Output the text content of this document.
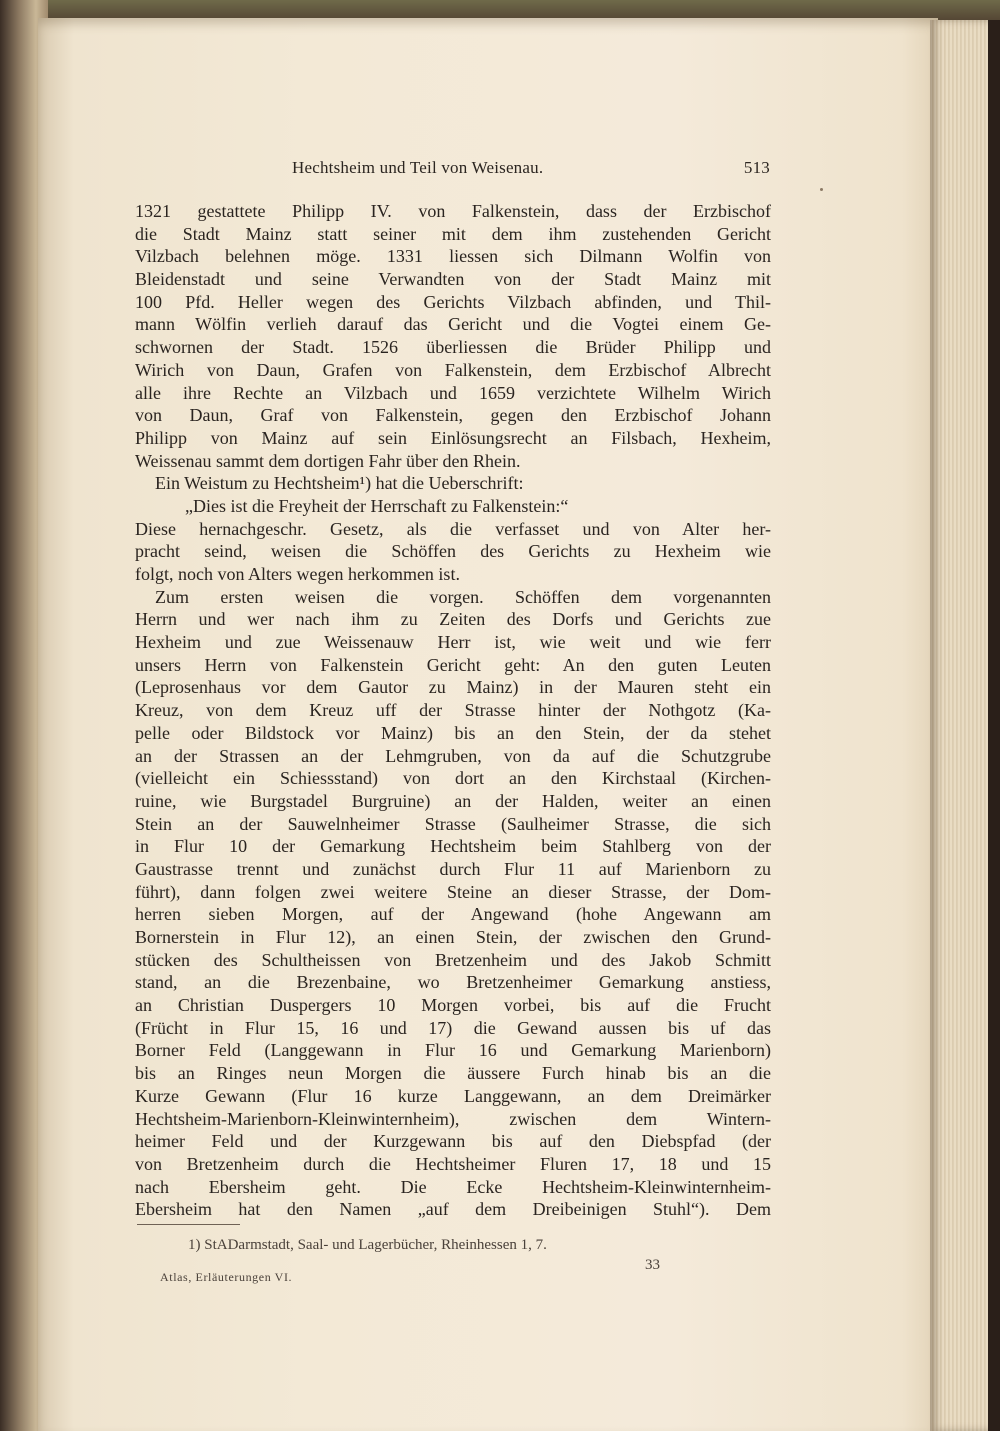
Hechtsheim und Teil von Weisenau.	513
1321 gestattete Philipp IV. von Falkenstein, dass der Erzbischof
die Stadt Mainz statt seiner mit dem ihm zustehenden Gericht
Vilzbach belehnen möge. 1331 liessen sich Dilmann Wolfin von
Bleidenstadt und seine Verwandten von der Stadt Mainz mit
100 Pfd. Heller wegen des Gerichts Vilzbach abfinden, und Thil-
mann Wölfin verlieh darauf das Gericht und die Vogtei einem Ge-
schwornen der Stadt. 1526 überliessen die Brüder Philipp und
Wirich von Daun, Grafen von Falkenstein, dem Erzbischof Albrecht
alle ihre Rechte an Vilzbach und 1659 verzichtete Wilhelm Wirich
von Daun, Graf von Falkenstein, gegen den Erzbischof Johann
Philipp von Mainz auf sein Einlösungsrecht an Filsbach, Hexheim,
Weissenau sammt dem dortigen Fahr über den Rhein.
Ein Weistum zu Hechtsheim¹) hat die Ueberschrift:
„Dies ist die Freyheit der Herrschaft zu Falkenstein:“
Diese hernachgeschr. Gesetz, als die verfasset und von Alter her-
pracht seind, weisen die Schöffen des Gerichts zu Hexheim wie
folgt, noch von Alters wegen herkommen ist.
Zum ersten weisen die vorgen. Schöffen dem vorgenannten
Herrn und wer nach ihm zu Zeiten des Dorfs und Gerichts zue
Hexheim und zue Weissenauw Herr ist, wie weit und wie ferr
unsers Herrn von Falkenstein Gericht geht: An den guten Leuten
(Leprosenhaus vor dem Gautor zu Mainz) in der Mauren steht ein
Kreuz, von dem Kreuz uff der Strasse hinter der Nothgotz (Ka-
pelle oder Bildstock vor Mainz) bis an den Stein, der da stehet
an der Strassen an der Lehmgruben, von da auf die Schutzgrube
(vielleicht ein Schiessstand) von dort an den Kirchstaal (Kirchen-
ruine, wie Burgstadel Burgruine) an der Halden, weiter an einen
Stein an der Sauwelnheimer Strasse (Saulheimer Strasse, die sich
in Flur 10 der Gemarkung Hechtsheim beim Stahlberg von der
Gaustrasse trennt und zunächst durch Flur 11 auf Marienborn zu
führt), dann folgen zwei weitere Steine an dieser Strasse, der Dom-
herren sieben Morgen, auf der Angewand (hohe Angewann am
Bornerstein in Flur 12), an einen Stein, der zwischen den Grund-
stücken des Schultheissen von Bretzenheim und des Jakob Schmitt
stand, an die Brezenbaine, wo Bretzenheimer Gemarkung anstiess,
an Christian Duspergers 10 Morgen vorbei, bis auf die Frucht
(Frücht in Flur 15, 16 und 17) die Gewand aussen bis uf das
Borner Feld (Langgewann in Flur 16 und Gemarkung Marienborn)
bis an Ringes neun Morgen die äussere Furch hinab bis an die
Kurze Gewann (Flur 16 kurze Langgewann, an dem Dreimärker
Hechtsheim-Marienborn-Kleinwinternheim), zwischen dem Wintern-
heimer Feld und der Kurzgewann bis auf den Diebspfad (der
von Bretzenheim durch die Hechtsheimer Fluren 17, 18 und 15
nach Ebersheim geht. Die Ecke Hechtsheim-Kleinwinternheim-
Ebersheim hat den Namen „auf dem Dreibeinigen Stuhl“). Dem
1) StADarmstadt, Saal- und Lagerbücher, Rheinhessen 1, 7.
33
Atlas, Erläuterungen VI.
